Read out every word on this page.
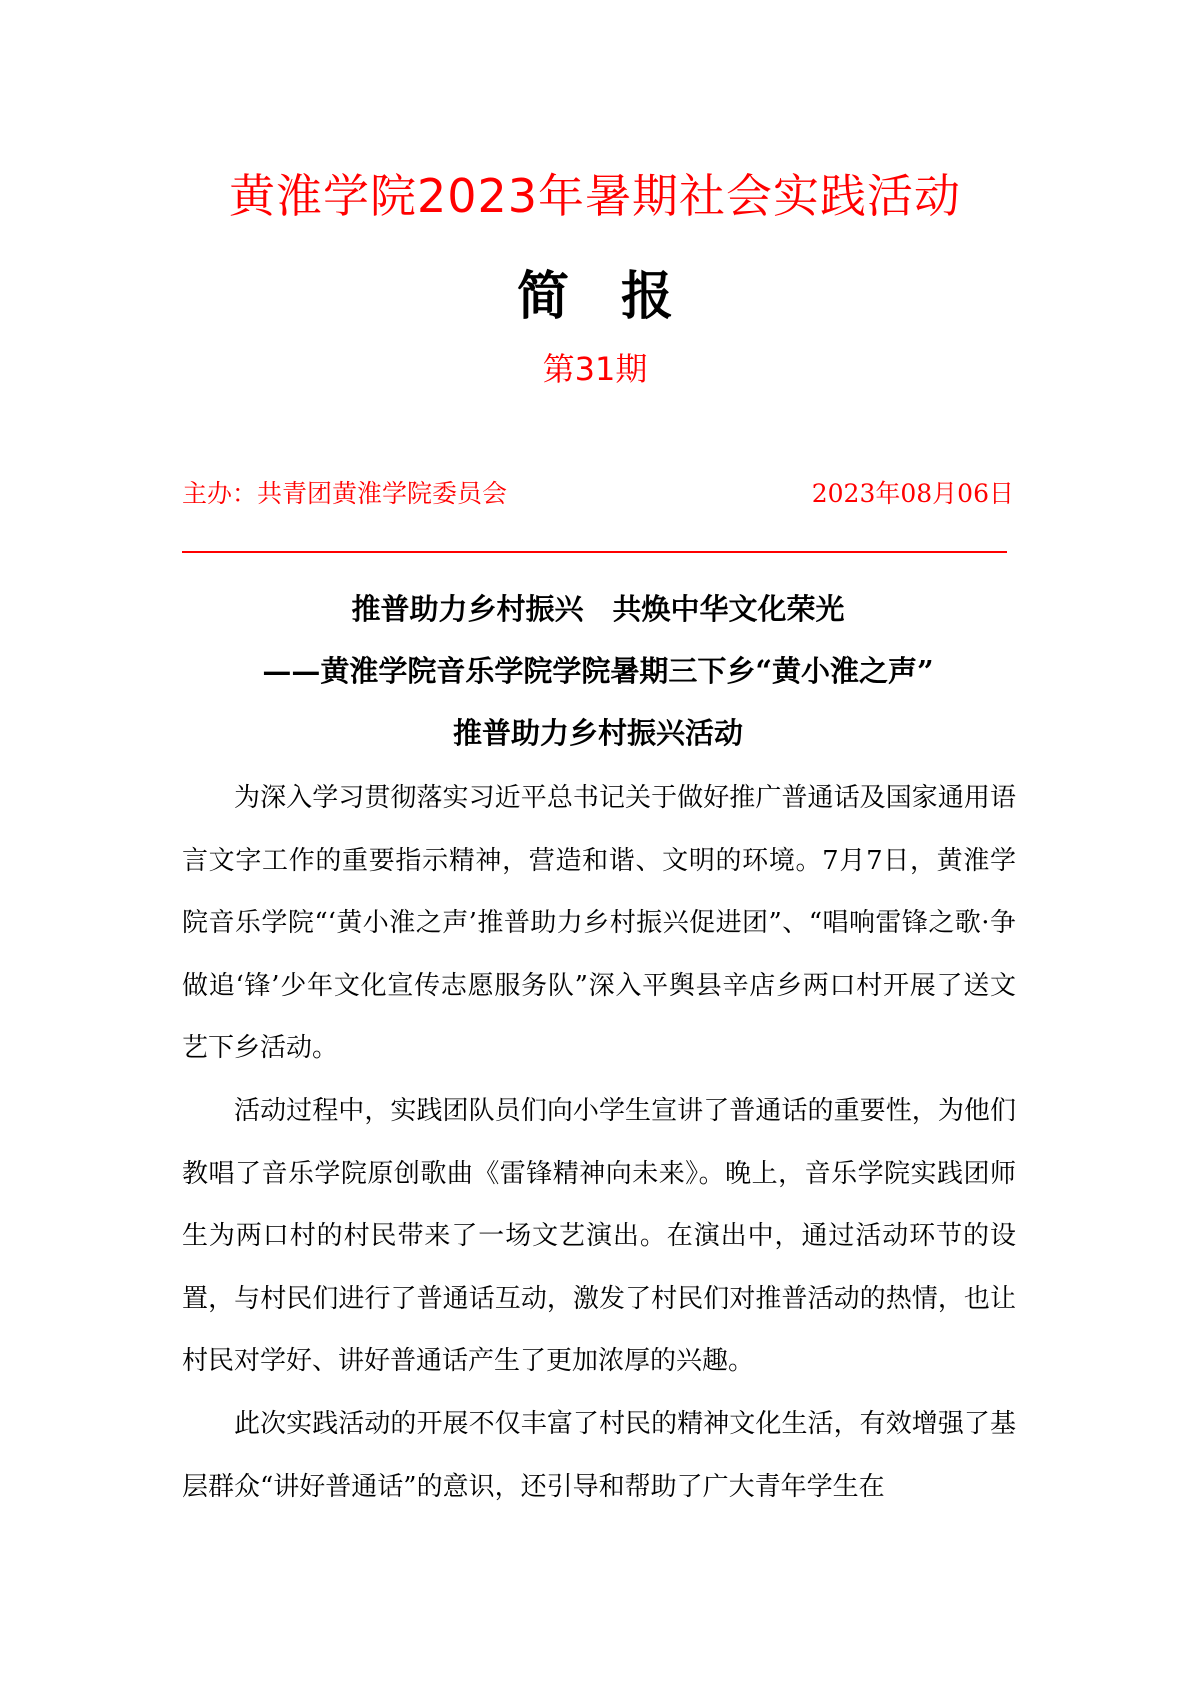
黄淮学院2023年暑期社会实践活动
简　报
第31期
主办：共青团黄淮学院委员会	2023年08月06日
推普助力乡村振兴　共焕中华文化荣光
——黄淮学院音乐学院学院暑期三下乡“黄小淮之声”
推普助力乡村振兴活动

为深入学习贯彻落实习近平总书记关于做好推广普通话及国家通用语言文字工作的重要指示精神，营造和谐、文明的环境。7月7日，黄淮学院音乐学院“‘黄小淮之声’推普助力乡村振兴促进团”、“唱响雷锋之歌·争做追‘锋’少年文化宣传志愿服务队”深入平舆县辛店乡两口村开展了送文艺下乡活动。

活动过程中，实践团队员们向小学生宣讲了普通话的重要性，为他们教唱了音乐学院原创歌曲《雷锋精神向未来》。晚上，音乐学院实践团师生为两口村的村民带来了一场文艺演出。在演出中，通过活动环节的设置，与村民们进行了普通话互动，激发了村民们对推普活动的热情，也让村民对学好、讲好普通话产生了更加浓厚的兴趣。

此次实践活动的开展不仅丰富了村民的精神文化生活，有效增强了基层群众“讲好普通话”的意识，还引导和帮助了广大青年学生在
